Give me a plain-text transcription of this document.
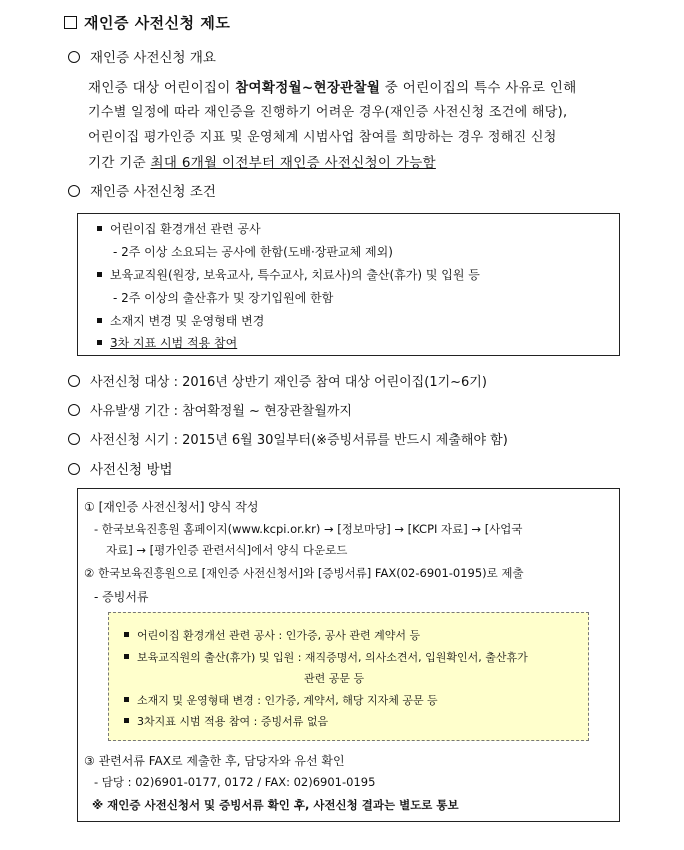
재인증 사전신청 제도
재인증 사전신청 개요
재인증 대상 어린이집이 참여확정월~현장관찰월 중 어린이집의 특수 사유로 인해
기수별 일정에 따라 재인증을 진행하기 어려운 경우(재인증 사전신청 조건에 해당),
어린이집 평가인증 지표 및 운영체계 시범사업 참여를 희망하는 경우 정해진 신청
기간 기준 최대 6개월 이전부터 재인증 사전신청이 가능함
재인증 사전신청 조건
어린이집 환경개선 관련 공사
- 2주 이상 소요되는 공사에 한함(도배·장판교체 제외)
보육교직원(원장, 보육교사, 특수교사, 치료사)의 출산(휴가) 및 입원 등
- 2주 이상의 출산휴가 및 장기입원에 한함
소재지 변경 및 운영형태 변경
3차 지표 시범 적용 참여
사전신청 대상 : 2016년 상반기 재인증 참여 대상 어린이집(1기~6기)
사유발생 기간 : 참여확정월 ~ 현장관찰월까지
사전신청 시기 : 2015년 6월 30일부터(※증빙서류를 반드시 제출해야 함)
사전신청 방법
① [재인증 사전신청서] 양식 작성
- 한국보육진흥원 홈페이지(www.kcpi.or.kr) → [정보마당] → [KCPI 자료] → [사업국
자료] → [평가인증 관련서식]에서 양식 다운로드
② 한국보육진흥원으로 [재인증 사전신청서]와 [증빙서류] FAX(02-6901-0195)로 제출
- 증빙서류
어린이집 환경개선 관련 공사 : 인가증, 공사 관련 계약서 등
보육교직원의 출산(휴가) 및 입원 : 재직증명서, 의사소견서, 입원확인서, 출산휴가
관련 공문 등
소재지 및 운영형태 변경 : 인가증, 계약서, 해당 지자체 공문 등
3차지표 시범 적용 참여 : 증빙서류 없음
③ 관련서류 FAX로 제출한 후, 담당자와 유선 확인
- 담당 : 02)6901-0177, 0172 / FAX: 02)6901-0195
※ 재인증 사전신청서 및 증빙서류 확인 후, 사전신청 결과는 별도로 통보
